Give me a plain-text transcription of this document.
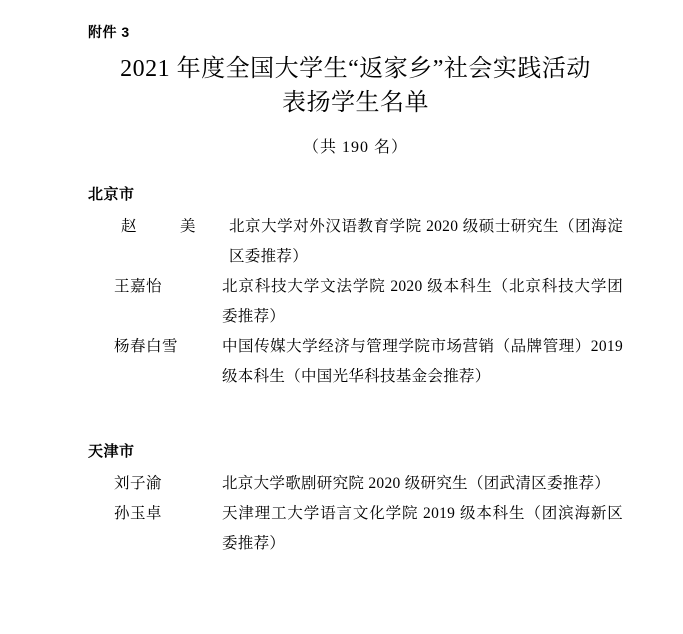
附件 3
2021 年度全国大学生“返家乡”社会实践活动
表扬学生名单
（共 190 名）
北京市
赵　美	北京大学对外汉语教育学院 2020 级硕士研究生（团海淀区委推荐）
王嘉怡	北京科技大学文法学院 2020 级本科生（北京科技大学团委推荐）
杨春白雪	中国传媒大学经济与管理学院市场营销（品牌管理）2019 级本科生（中国光华科技基金会推荐）
天津市
刘子渝	北京大学歌剧研究院 2020 级研究生（团武清区委推荐）
孙玉卓	天津理工大学语言文化学院 2019 级本科生（团滨海新区委推荐）
